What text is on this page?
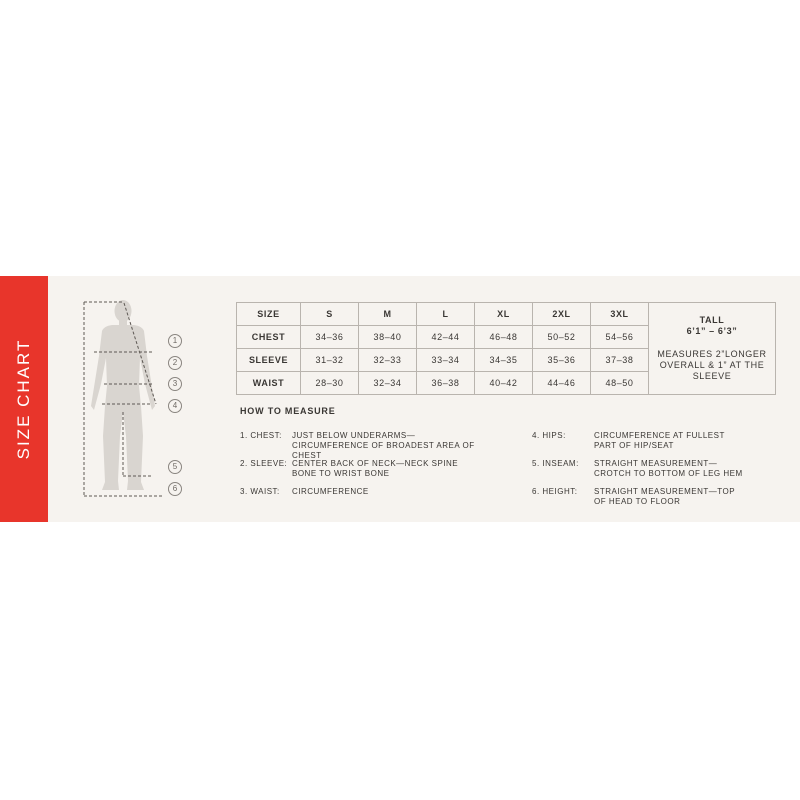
SIZE CHART	1
2
3
4
5
6
SIZE	S	M	L	XL	2XL	3XL	TALL
6’1” – 6’3”
MEASURES 2”LONGER OVERALL & 1” AT THE SLEEVE

CHEST	34–36	38–40	42–44	46–48	50–52	54–56	
SLEEVE	31–32	32–33	33–34	34–35	35–36	37–38	
WAIST	28–30	32–34	36–38	40–42	44–46	48–50	
HOW TO MEASURE
1. CHEST:	JUST BELOW UNDERARMS—CIRCUMFERENCE OF BROADEST AREA OF CHEST
2. SLEEVE: CENTER BACK OF NECK—NECK SPINE BONE TO WRIST BONE
3. WAIST:	CIRCUMFERENCE
4. HIPS:	CIRCUMFERENCE AT FULLEST PART OF HIP/SEAT
5. INSEAM:	STRAIGHT MEASUREMENT—CROTCH TO BOTTOM OF LEG HEM
6. HEIGHT:	STRAIGHT MEASUREMENT—TOP OF HEAD TO FLOOR
